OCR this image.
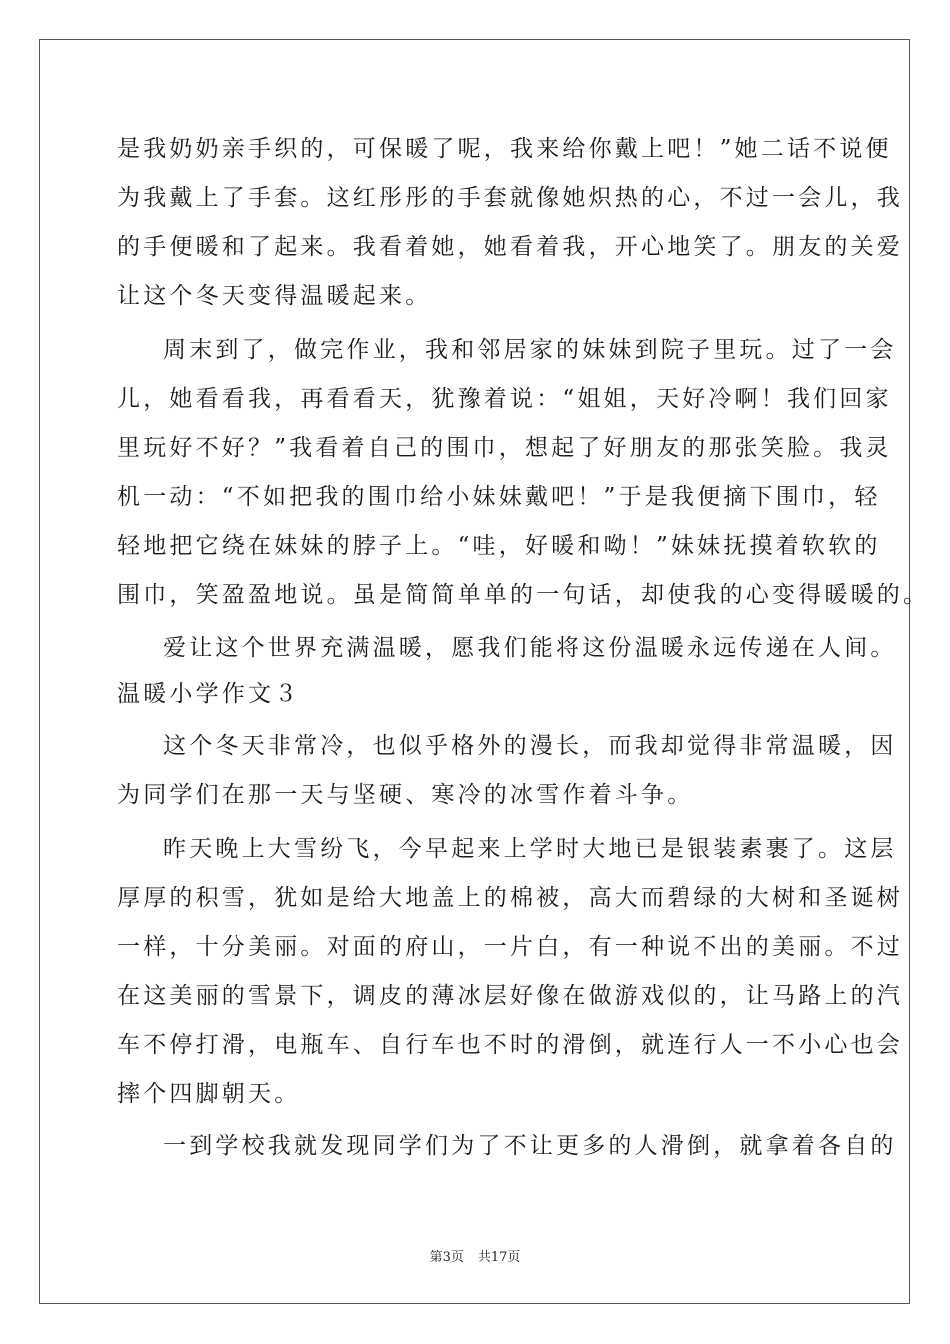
是我奶奶亲手织的，可保暖了呢，我来给你戴上吧！”她二话不说便
为我戴上了手套。这红彤彤的手套就像她炽热的心，不过一会儿，我
的手便暖和了起来。我看着她，她看着我，开心地笑了。朋友的关爱
让这个冬天变得温暖起来。
周末到了，做完作业，我和邻居家的妹妹到院子里玩。过了一会
儿，她看看我，再看看天，犹豫着说：“姐姐，天好冷啊！我们回家
里玩好不好？”我看着自己的围巾，想起了好朋友的那张笑脸。我灵
机一动：“不如把我的围巾给小妹妹戴吧！”于是我便摘下围巾，轻
轻地把它绕在妹妹的脖子上。“哇，好暖和呦！”妹妹抚摸着软软的
围巾，笑盈盈地说。虽是简简单单的一句话，却使我的心变得暖暖的。
爱让这个世界充满温暖，愿我们能将这份温暖永远传递在人间。
温暖小学作文３
这个冬天非常冷，也似乎格外的漫长，而我却觉得非常温暖，因
为同学们在那一天与坚硬、寒冷的冰雪作着斗争。
昨天晚上大雪纷飞，今早起来上学时大地已是银装素裹了。这层
厚厚的积雪，犹如是给大地盖上的棉被，高大而碧绿的大树和圣诞树
一样，十分美丽。对面的府山，一片白，有一种说不出的美丽。不过
在这美丽的雪景下，调皮的薄冰层好像在做游戏似的，让马路上的汽
车不停打滑，电瓶车、自行车也不时的滑倒，就连行人一不小心也会
摔个四脚朝天。
一到学校我就发现同学们为了不让更多的人滑倒，就拿着各自的
第3页 共17页
